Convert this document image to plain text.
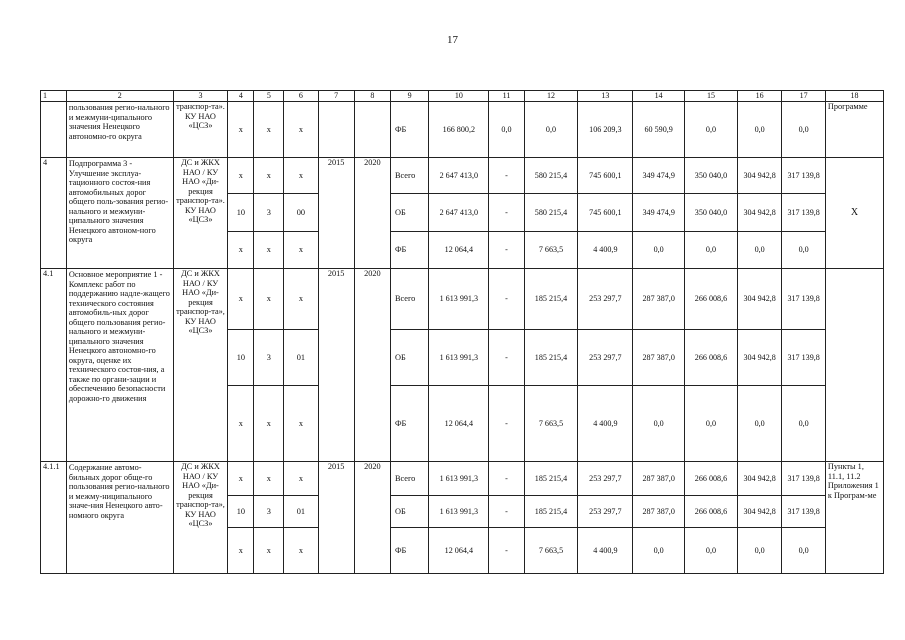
17
1	2	3	4	5	6	7	8	9	10	11	12	13	14	15	16	17	18
	пользования регио-нального и межмуни-ципального значения Ненецкого автономно-го округа	транспор-та». КУ НАО «ЦСЗ»	х	х	х			ФБ	166 800,2	0,0	0,0	106 209,3	60 590,9	0,0	0,0	0,0	Программе
4	Подпрограмма 3 - Улучшение эксплуа-тационного состоя-ния автомобильных дорог общего поль-зования регио-нального и межмуни-ципального значения Ненецкого автоном-ного округа	ДС и ЖКХ НАО / КУ НАО «Ди-рекция транспор-та». КУ НАО «ЦСЗ»	х	х	х	2015	2020	Всего	2 647 413,0	-	580 215,4	745 600,1	349 474,9	350 040,0	304 942,8	317 139,8	Х
			10	3	00			ОБ	2 647 413,0	-	580 215,4	745 600,1	349 474,9	350 040,0	304 942,8	317 139,8	
			х	х	х			ФБ	12 064,4	-	7 663,5	4 400,9	0,0	0,0	0,0	0,0	
4.1	Основное мероприятие 1 - Комплекс работ по поддержанию надле-жащего технического состояния автомобиль-ных дорог общего пользования регио-нального и межмуни-ципального значения Ненецкого автономно-го округа, оценке их технического состоя-ния, а также по органи-зации и обеспечению безопасности дорожно-го движения	ДС и ЖКХ НАО / КУ НАО «Ди-рекция транспор-та», КУ НАО «ЦСЗ»	х	х	х	2015	2020	Всего	1 613 991,3	-	185 215,4	253 297,7	287 387,0	266 008,6	304 942,8	317 139,8	
			10	3	01			ОБ	1 613 991,3	-	185 215,4	253 297,7	287 387,0	266 008,6	304 942,8	317 139,8	
			х	х	х			ФБ	12 064,4	-	7 663,5	4 400,9	0,0	0,0	0,0	0,0	
4.1.1	Содержание автомо-бильных дорог обще-го пользования регио-нального и межму-ниципального значе-ния Ненецкого авто-номного округа	ДС и ЖКХ НАО / КУ НАО «Ди-рекция транспор-та», КУ НАО «ЦСЗ»	х	х	х	2015	2020	Всего	1 613 991,3	-	185 215,4	253 297,7	287 387,0	266 008,6	304 942,8	317 139,8	Пункты 1, 11.1, 11.2 Приложения 1 к Програм-ме
			10	3	01			ОБ	1 613 991,3	-	185 215,4	253 297,7	287 387,0	266 008,6	304 942,8	317 139,8	
			х	х	х			ФБ	12 064,4	-	7 663,5	4 400,9	0,0	0,0	0,0	0,0	
